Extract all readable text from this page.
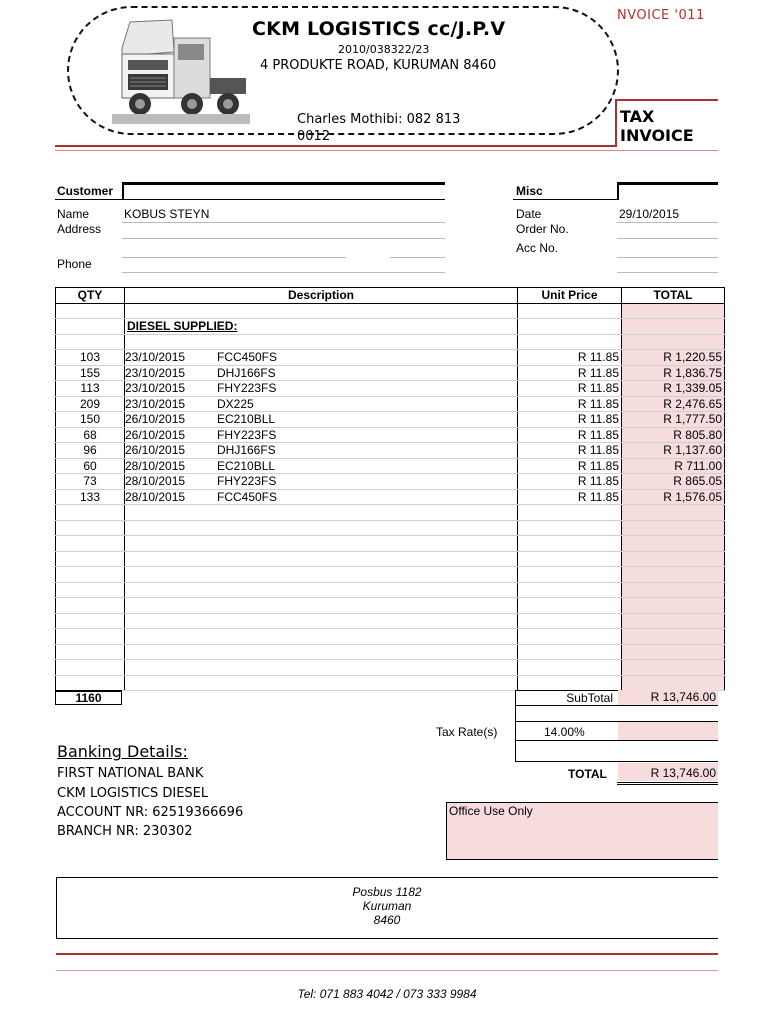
CKM LOGISTICS cc/J.P.V
2010/038322/23
4 PRODUKTE ROAD, KURUMAN 8460
Charles Mothibi: 082 813 0012
NVOICE '011
TAX INVOICE
Customer
Name	KOBUS STEYN
Address
Phone
Misc
Date	29/10/2015
Order No.
Acc No.
QTY	Description	Unit Price	TOTAL

	DIESEL SUPPLIED:		

103	23/10/2015 FCC450FS	R 11.85	R 1,220.55
155	23/10/2015 DHJ166FS	R 11.85	R 1,836.75
113	23/10/2015 FHY223FS	R 11.85	R 1,339.05
209	23/10/2015 DX225	R 11.85	R 2,476.65
150	26/10/2015 EC210BLL	R 11.85	R 1,777.50
68	26/10/2015 FHY223FS	R 11.85	R 805.80
96	26/10/2015 DHJ166FS	R 11.85	R 1,137.60
60	28/10/2015 EC210BLL	R 11.85	R 711.00
73	28/10/2015 FHY223FS	R 11.85	R 865.05
133	28/10/2015 FCC450FS	R 11.85	R 1,576.05

1160	SubTotal	R 13,746.00
Tax Rate(s)	14.00%
TOTAL	R 13,746.00
Banking Details:
FIRST NATIONAL BANK
CKM LOGISTICS DIESEL
ACCOUNT NR: 62519366696
BRANCH NR: 230302
Office Use Only
Posbus 1182
Kuruman
8460
Tel: 071 883 4042 / 073 333 9984
